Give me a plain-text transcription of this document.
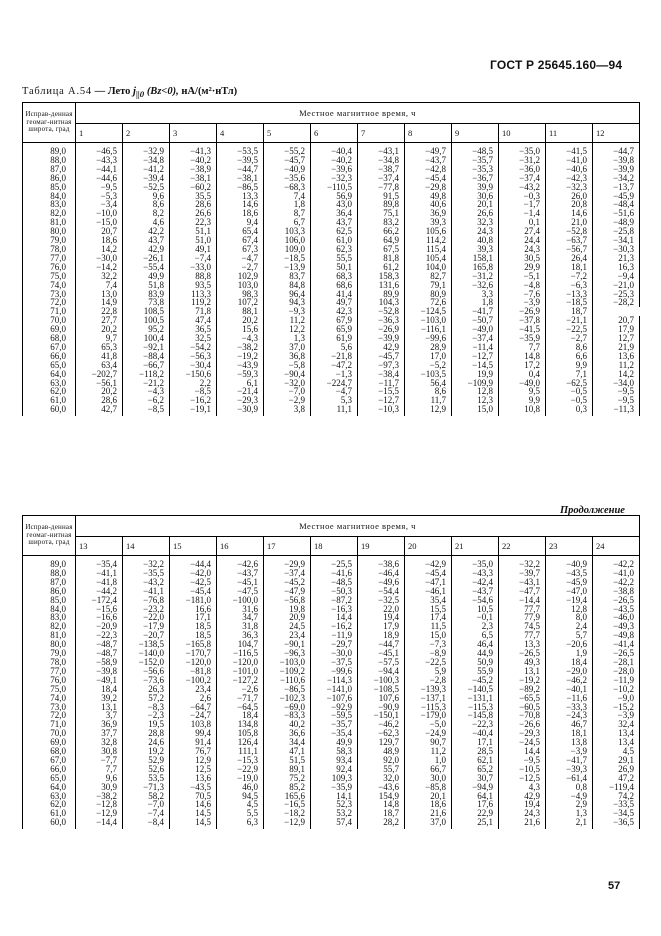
ГОСТ Р 25645.160—94
Таблица А.54 — Лето $j_{||0}$ (Bz<0), нА/(м²·нТл)
Исправ-денная геомаг-нитная широта, град	Местное магнитное время, ч											
	1	2	3	4	5	6	7	8	9	10	11	12
89,0	−46,5	−32,9	−41,3	−53,5	−55,2	−40,4	−43,1	−49,7	−48,5	−35,0	−41,5	−44,7
88,0	−43,3	−34,8	−40,2	−39,5	−45,7	−40,2	−34,8	−43,7	−35,7	−31,2	−41,0	−39,8
87,0	−44,1	−41,2	−38,9	−44,7	−40,9	−39,6	−38,7	−42,8	−35,3	−36,0	−40,6	−39,9
86,0	−44,6	−39,4	−38,1	−38,1	−35,6	−32,3	−37,4	−45,4	−36,7	−37,4	−42,3	−34,2
85,0	−9,5	−52,5	−60,2	−86,5	−68,3	−110,5	−77,8	−29,8	39,9	−43,2	−32,3	−13,7
84,0	−5,3	9,6	35,5	13,3	7,4	56,9	91,5	49,8	30,6	−0,3	26,0	−45,9
83,0	−3,4	8,6	28,6	14,6	1,8	43,0	89,8	40,6	20,1	−1,7	20,8	−48,4
82,0	−10,0	8,2	26,6	18,6	8,7	36,4	75,1	36,9	26,6	−1,4	14,6	−51,6
81,0	−15,0	4,6	22,3	9,4	6,7	43,7	83,2	39,3	32,3	0,1	21,0	−48,9
80,0	20,7	42,2	51,1	65,4	103,3	62,5	66,2	105,6	24,3	27,4	−52,8	−25,8
79,0	18,6	43,7	51,0	67,4	106,0	61,0	64,9	114,2	40,8	24,4	−63,7	−34,1
78,0	14,2	42,9	49,1	67,3	109,0	62,3	67,5	115,4	39,3	24,3	−56,7	−30,3
77,0	−30,0	−26,1	−7,4	−4,7	−18,5	55,5	81,8	105,4	158,1	30,5	26,4	21,3
76,0	−14,2	−55,4	−33,0	−2,7	−13,9	50,1	61,2	104,0	165,8	29,9	18,1	16,3
75,0	32,2	49,9	88,8	102,9	83,7	68,3	158,3	82,7	−31,2	−5,1	−7,2	−9,4
74,0	7,4	51,8	93,5	103,0	84,8	68,6	131,6	79,1	−32,6	−4,8	−6,3	−21,0
73,0	13,0	83,9	113,3	98,3	96,4	41,4	89,9	80,9	3,3	−7,6	−13,3	−25,3
72,0	14,9	73,8	119,2	107,2	94,3	49,7	104,3	72,6	1,8	−3,9	−18,5	−28,2
71,0	22,8	108,5	71,8	88,1	−9,3	42,3	−52,8	−124,5	−41,7	−26,9	18,7	
70,0	27,7	100,5	47,4	20,2	11,2	67,9	−36,3	−103,0	−50,7	−37,8	−21,1	20,7
69,0	20,2	95,2	36,5	15,6	12,2	65,9	−26,9	−116,1	−49,0	−41,5	−22,5	17,9
68,0	9,7	100,4	32,5	−4,3	1,3	61,9	−39,9	−99,6	−37,4	−35,9	−2,7	12,7
67,0	65,3	−92,1	−54,2	−38,2	37,0	5,6	42,9	28,9	−11,4	7,7	8,6	21,9
66,0	41,8	−88,4	−56,3	−19,2	36,8	−21,8	−45,7	17,0	−12,7	14,8	6,6	13,6
65,0	63,4	−66,7	−30,4	−43,9	−5,8	−47,2	−97,3	−5,2	−14,5	17,2	9,9	11,2
64,0	−202,7	−118,2	−150,6	−59,3	−90,4	−1,3	−38,4	−103,5	19,9	0,4	7,1	14,2
63,0	−56,1	−21,2	2,2	6,1	−32,0	−224,7	−11,7	56,4	−109,9	−49,0	−62,5	−34,0
62,0	20,2	−4,3	−8,5	−21,4	−7,0	−4,7	−15,5	8,6	12,8	9,5	−0,5	−9,5
61,0	28,6	−6,2	−16,2	−29,3	−2,9	5,3	−12,7	11,7	12,3	9,9	−0,5	−9,5
60,0	42,7	−8,5	−19,1	−30,9	3,8	11,1	−10,3	12,9	15,0	10,8	0,3	−11,3
Продолжение
Исправ-денная геомаг-нитная широта, град	Местное магнитное время, ч											
	13	14	15	16	17	18	19	20	21	22	23	24
89,0	−35,4	−32,2	−44,4	−42,6	−29,9	−25,5	−38,6	−42,9	−35,0	−32,2	−40,9	−42,2
88,0	−41,1	−35,5	−42,0	−43,7	−37,4	−41,6	−46,4	−45,4	−43,3	−39,7	−43,5	−41,0
87,0	−41,8	−43,2	−42,5	−45,1	−45,2	−48,5	−49,6	−47,1	−42,4	−43,1	−45,9	−42,2
86,0	−44,2	−41,1	−45,4	−47,5	−47,9	−50,3	−54,4	−46,1	−43,7	−47,7	−47,0	−38,8
85,0	−172,4	−76,8	−181,0	−100,0	−56,8	−87,2	−32,5	35,4	−54,6	−14,4	−19,4	−26,5
84,0	−15,6	−23,2	16,6	31,6	19,8	−16,3	22,0	15,5	10,5	77,7	12,8	−43,5
83,0	−16,6	−22,0	17,1	34,7	20,9	14,4	19,4	17,4	−0,1	77,9	8,0	−46,0
82,0	−20,9	−17,9	18,5	31,8	24,5	−16,2	17,9	11,5	2,3	74,5	2,4	−49,3
81,0	−22,3	−20,7	18,5	36,3	23,4	−11,9	18,9	15,0	6,5	77,7	5,7	−49,8
80,0	−48,7	−138,5	−165,8	104,7	−90,1	−29,7	−44,7	−7,3	46,4	13,3	−20,6	−41,4
79,0	−48,7	−140,0	−170,7	−116,5	−96,3	−30,0	−45,1	−8,9	44,9	−26,5	1,9	−26,5
78,0	−58,9	−152,0	−120,0	−120,0	−103,0	−37,5	−57,5	−22,5	50,9	49,3	18,4	−28,1
77,0	−39,8	−56,6	−81,8	−101,0	−109,2	−99,6	−94,4	5,9	55,9	13,1	−29,0	−28,0
76,0	−49,1	−73,6	−100,2	−127,2	−110,6	−114,3	−100,3	−2,8	−45,2	−19,2	−46,2	−11,9
75,0	18,4	26,3	23,4	−2,6	−86,5	−141,0	−108,5	−139,3	−140,5	−89,2	−40,1	−10,2
74,0	39,2	57,2	2,6	−71,7	−102,3	−107,6	107,6	−137,1	−131,1	−65,5	−11,6	−9,0
73,0	13,1	−8,3	−64,7	−64,5	−69,0	−92,9	−90,9	−115,3	−115,3	−60,5	−33,3	−15,2
72,0	3,7	−2,3	−24,7	18,4	−83,3	−59,5	−150,1	−179,0	−145,8	−70,8	−24,3	−3,9
71,0	36,9	19,5	103,8	134,8	40,2	−35,7	−46,2	−5,0	−22,3	−26,6	46,7	32,4
70,0	37,7	28,8	99,4	105,8	36,6	−35,4	−62,3	−24,9	−40,4	−29,3	18,1	13,4
69,0	32,8	24,6	91,4	126,4	34,4	49,9	129,7	90,7	17,1	−24,5	13,8	13,4
68,0	30,8	19,2	76,7	111,1	47,1	58,3	48,9	11,2	28,5	14,4	−3,9	4,5
67,0	−7,7	52,9	12,9	−15,3	51,5	93,4	92,0	1,0	62,1	−9,5	−41,7	29,1
66,0	7,7	52,6	12,5	−22,9	89,1	92,4	55,7	66,7	65,2	−10,5	−39,3	26,9
65,0	9,6	53,5	13,6	−19,0	75,2	109,3	32,0	30,0	30,7	−12,5	−61,4	47,2
64,0	30,9	−71,3	−43,5	46,0	85,2	−35,9	−43,6	−85,8	−94,9	4,3	0,8	−119,4
63,0	−38,2	58,2	70,5	94,5	165,6	14,1	154,9	20,1	64,1	42,9	−4,9	74,2
62,0	−12,8	−7,0	14,6	4,5	−16,5	52,3	14,8	18,6	17,6	19,4	2,9	−33,5
61,0	−12,9	−7,4	14,5	5,5	−18,2	53,2	18,7	21,6	22,9	24,3	1,3	−34,5
60,0	−14,4	−8,4	14,5	6,3	−12,9	57,4	28,2	37,0	25,1	21,6	2,1	−36,5
57
